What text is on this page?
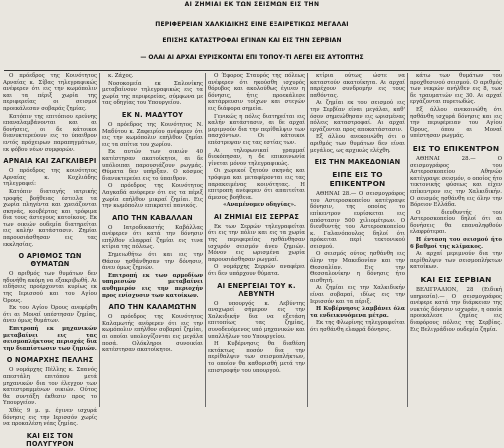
ΑΙ ΖΗΜΙΑΙ ΕΚ ΤΩΝ ΣΕΙΣΜΩΝ ΕΙΣ ΤΗΝ
ΠΕΡΙΦΕΡΕΙΑΝ ΧΑΛΚΙΔΙΚΗΣ ΕΙΝΕ ΕΞΑΙΡΕΤΙΚΩΣ ΜΕΓΑΛΑΙ
ΕΠΙΣΗΣ ΚΑΤΑΣΤΡΟΦΑΙ ΕΓΙΝΑΝ ΚΑΙ ΕΙΣ ΤΗΝ ΣΕΡΒΙΑΝ
— ΟΛΑΙ ΑΙ ΑΡΧΑΙ ΕΥΡΙΣΚΟΝΤΑΙ ΕΠΙ ΤΟΠΟΥ-ΤΙ ΛΕΓΕΙ ΕΙΣ ΑΥΤΟΠΤΗΣ

Ο πρόεδρος της Κοινότητος Αρναίας κ. Σίβας τηλεγραφικώς ανέφερεν ότι εις την κωμόπολιν και τα πέριξ χωρία της περιφερείας οι σεισμοί προεκάλεσαν σοβαράς ζημίας.

Κατόπιν της επιτόπιου ερεύνης επαναλαμβάνονται και αι δονήσεις, οι δε κάτοικοι διανυκτερεύουν εις το ύπαιθρον εντός πρόχειρων παραπηγμάτων, εκ φόβου νέων συμφορών.

ΑΡΝΑΙΑ ΚΑΙ ΖΑΓΚΛΙΒΕΡΙ

Ο πρόεδρος της κοινότητος Αρναίας κ. Κοχλιάδης τηλεγραφεί:

Κατόπιν διαταγής ιατρικής τροφής βοήθειας έστειλα τα χωρία πληγέντα και χρειάζονται σκηνάς, κουβέρτας και τρόφιμα δια τους άστεγους κατοίκους. Εκ των οικιών ουδεμία διατηρείται εις καλήν κατάστασιν. Ζημίαι παρουσιάσθησαν εις τας εκκλησίας.

Ο ΑΡΙΘΜΟΣ ΤΩΝ ΘΥΜΑΤΩΝ

Ο αριθμός των θυμάτων δεν ηδυνήθη ακόμη να εξακριβωθή. Αι ειδήσεις προέρχονται κυρίως εκ της Ιερισσού και του Αγίου Όρους.

Εκ του Αγίου Όρους ανεφέρθη ότι αι Μοναί υπέστησαν ζημίας, άνευ όμως θυμάτων.

Επιτροπή εκ μηχανικών μεταβαίνει εις τας σεισμοπλήκτους περιοχάς δια την διαπίστωσιν των ζημιών.

Ο ΝΟΜΑΡΧΗΣ ΠΕΛΛΗΣ

Ο νομάρχης Πέλλης κ. Σπανός απεστάλη επιτόπου μετά μηχανικών δια τον έλεγχον των κατεστραμμένων οικιών. Ούτος θα συντάξη έκθεσιν προς το Υπουργείον.

Χθές 9 μ. μ. έγινεν ισχυρά δόνησις εις την Ιερισσόν χωρίς να προκαλέση νέας ζημίας.

ΚΑΙ ΕΙΣ ΤΟΝ ΠΟΛΥΓΥΡΟΝ

κ. Ζάχος.

Νοσοκομεία εκ Σαλονίκης μεταβαίνουν τηλεγραφικώς εις τα χωρία της περιφερείας, σύμφωνα με τας οδηγίας του Υπουργείου.

ΕΚ Ν. ΜΑΔΥΤΟΥ

Ο πρόεδρος της Κοινότητος Ν. Μαδύτου κ. Ζαφειρίου ανέφερεν ότι εις την κωμόπολιν επήλθον ζημίαι εις τα σπίτια του χωρίου.

Εκ αυτών των οικιών 40 κατέστησαν ακατοίκητοι, αι δε υπόλοιπαι παρουσιάζουν ρωγμάς. Θύματα δεν υπήρξαν. Ο κόσμος διανυκτερεύει εις το ύπαιθρον.

Ο πρόεδρος της Κοινότητος Λαγκαδά ανέφερεν ότι εις τα πέριξ χωρία επήλθον μικραί ζημίαι. Εις την κωμόπολιν επικρατεί πανικός.

ΑΠΟ ΤΗΝ ΚΑΒΑΛΛΑΝ

Ο Ιατροδικαστής Καβάλλας ανέφερεν ότι κατά την δόνησιν επήλθον ελαφραί ζημίαι εις τινα κτίρια της πόλεως.

Σημειωθήτω ότι και εις την Θάσον ησθάνθησαν την δόνησιν, άνευ όμως ζημιών.

Επιτροπή εκ των αρμοδίων υπηρεσιών μεταβαίνει αυθημερόν εις την περιοχήν προς ενίσχυσιν των κατοίκων.

ΑΠΟ ΤΗΝ ΚΑΛΑΜΩΤΗΝ

Ο πρόεδρος της Κοινότητος Καλαμωτής ανέφερεν ότι εις την κωμόπολιν επήλθον σοβαραί ζημίαι, αι οποίαι υπολογίζονται εις μεγάλα ποσά. Ολόκληροι συνοικίαι κατέστησαν ακατοίκητοι.

Ο Έφορος Σταυρός της πόλεως ανέφερεν ότι ηκούσθη ισχυρός θόρυβος και ακολούθως έγινεν η δόνησις, ήτις προεκάλεσε κατάρρευσιν τοίχων και στεγών εις διάφορα σημεία.

Γενικώς η πόλις διατηρείται εις καλήν κατάστασιν, αι δε αρχαί μεριμνούν δια την περίθαλψιν των πασχόντων. Οι κάτοικοι επέστρεψαν εις τας εστίας των.

Αι τηλεφωνικαί γραμμαί διεκόπησαν, η δε επικοινωνία γίνεται μόνον τηλεγραφικώς.

Οι χωρικοί ζητούν σκηνάς και τρόφιμα και μεταφέρονται εις τας παρακειμένας κοινότητας. Η επιτροπή ανέφερεν ότι απαιτείται άμεσος βοήθεια.

«Αναμένομεν οδηγίας».

ΑΙ ΖΗΜΙΑΙ ΕΙΣ ΣΕΡΡΑΣ

Εκ των Σερρών τηλεγραφείται ότι εις την πόλιν και εις τα χωρία της περιφερείας ησθάνθησαν ισχυρόν σεισμόν άνευ ζημιών. Μόνον εις ωρισμένα χωρία παρουσιάσθησαν ρωγμαί.

Ο νομάρχης Σερρών αναφέρει ότι δεν υπάρχουν θύματα.

ΑΙ ΕΝΕΡΓΕΙΑΙ ΤΟΥ κ. ΛΕΒΥΝΤΗ

Ο υπουργός κ. Λεβύντης αναχωρεί σήμερον εις την Χαλκιδικήν δια να εξετάση επιτοπίως τας ζημίας, συνοδευόμενος υπό μηχανικών και υπαλλήλων του Υπουργείου.

Η Κυβέρνησις θα διαθέση εκτάκτως ποσόν δια την περίθαλψιν των σεισμοπλήκτων, το οποίον θα καθορισθή μετά την επιστροφήν του υπουργού.

κτίρια ούτως ώστε να καταστούν ακατοίκητα. Αι αρχαί παρέχουν συνδρομήν εις τους παθόντας.

Αι ζημίαι εκ του σεισμού εις την Σερβίαν είναι μεγάλαι, καθ' όσον σημειώθησαν εις ωρισμένας πόλεις καταστροφαί. Αι αρχαί εργάζονται προς αποκατάστασιν.

Εξ άλλου ανεκοινώθη ότι ο αριθμός των θυμάτων δεν είναι μεγάλος, ως αρχικώς ελέχθη.

ΕΙΣ ΤΗΝ ΜΑΚΕΔΟΝΙΑΝ
ΕΙΠΕ ΕΙΣ ΤΟ ΕΠΙΚΕΝΤΡΟΝ

ΑΘΗΝΑΙ 28.— Ο σεισμογράφος του Αστεροσκοπείου κατέγραψε δόνησιν, της οποίας το επίκεντρον ευρίσκεται εις απόστασιν 500 χιλιομέτρων. Ο διευθυντής του Αστεροσκοπείου κ. Γαλανόπουλος δηλοί ότι πρόκειται περί τεκτονικού σεισμού.

Ο σεισμός ούτος ησθάνθη εις όλην την Μακεδονίαν και την Θεσσαλίαν. Εις την Θεσσαλονίκην η δόνησις ήτο αισθητή.

Αι ζημίαι εις την Χαλκιδικήν είναι σοβαραί, ιδίως εις την Ιερισσόν και τα πέριξ.

Η Κυβέρνησις λαμβάνει όλα τα ενδεικνυόμενα μέτρα.

Εκ της Φλωρίνης τηλεγραφείται ότι ησθάνθη ελαφρά δόνησις.

κάτω των θυμάτων του προχθεσινού σεισμού. Ο αριθμός των νεκρών ανήλθεν εις 8, των δε τραυματιών εις 30. Αι αρχαί εργάζονται πυρετωδώς.

Εξ άλλου ανεκοινώθη ότι ησθάνθη ισχυρά δόνησις και εις την περιφέρειαν του Αγίου Όρους, όπου αι Μοναί υπέστησαν ρωγμάς.

ΕΙΣ ΤΟ ΕΠΙΚΕΝΤΡΟΝ

ΑΘΗΝΑΙ 28.— Ο σεισμογράφος του Αστεροσκοπείου Αθηνών κατέγραψε σεισμόν, ο οποίος ήτο τεκτονικής φύσεως και είχεν επίκεντρον εις την Χαλκιδικήν. Ο σεισμός ησθάνθη εις όλην την Βόρειον Ελλάδα.

Ο διευθυντής του Αστεροσκοπείου δηλοί ότι αι δονήσεις θα επαναληφθούν ελαφρότεραι.

Η ένταση του σεισμού ήτο 6 βαθμοί της κλίμακος.

Αι αρχαί μεριμνούν δια την περίθαλψιν των σεισμοπλήκτων κατοίκων.

ΚΑΙ ΕΙΣ ΣΕΡΒΙΑΝ

ΒΕΛΙΓΡΑΔΙΟΝ, 28 (Ειδική υπηρεσία).— Ο σεισμογράφος ανέφερε κατά την διάρκειαν της νυκτός δόνησιν ισχυράν, η οποία προεκάλεσε ζημίας εις διαφόρους πόλεις της Σερβίας. Εις Βελιγράδιον ουδεμία ζημία.
